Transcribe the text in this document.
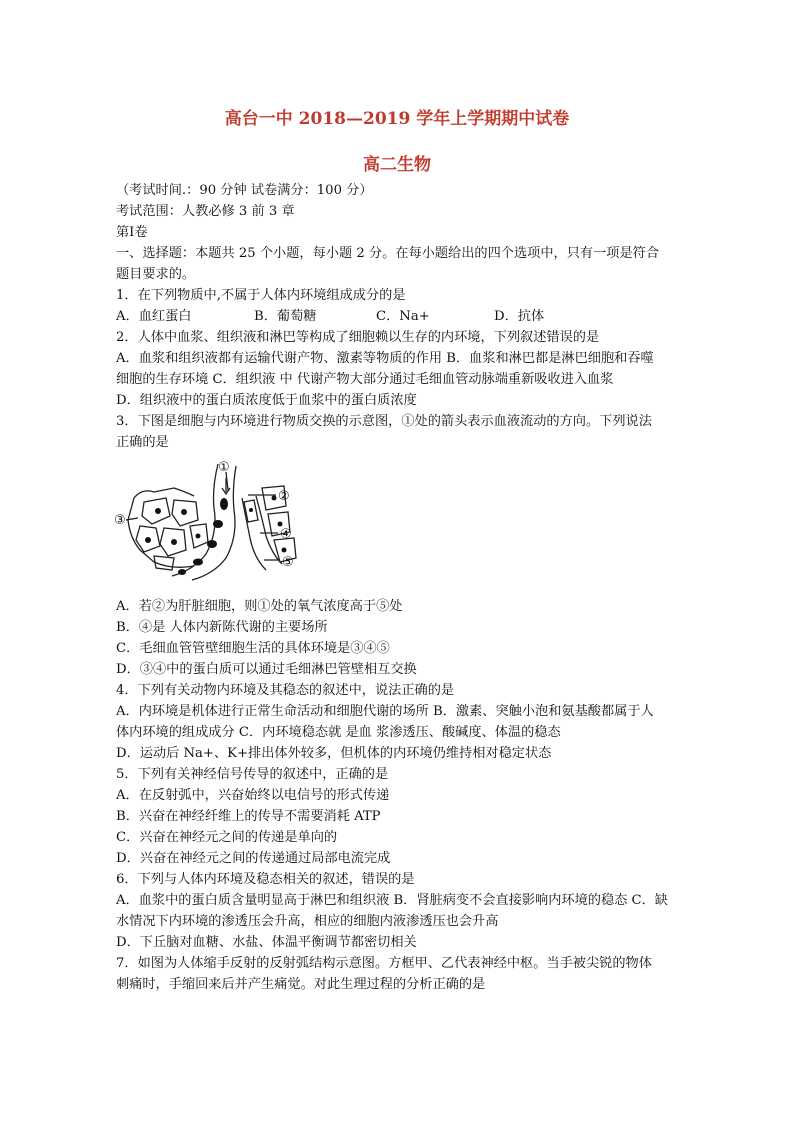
高台一中 2018—2019 学年上学期期中试卷
高二生物
（考试时间.：90 分钟 试卷满分：100 分）
考试范围：人教必修 3 前 3 章
第Ⅰ卷
一、选择题：本题共 25 个小题，每小题 2 分。在每小题给出的四个选项中，只有一项是符合
题目要求的。
1．在下列物质中,不属于人体内环境组成成分的是
A．血红蛋白	B．葡萄糖	C．Na+	D．抗体
2．人体中血浆、组织液和淋巴等构成了细胞赖以生存的内环境，下列叙述错误的是
A．血浆和组织液都有运输代谢产物、激素等物质的作用 B．血浆和淋巴都是淋巴细胞和吞噬
细胞的生存环境 C．组织液 中 代谢产物大部分通过毛细血管动脉端重新吸收进入血浆
D．组织液中的蛋白质浓度低于血浆中的蛋白质浓度
3．下图是细胞与内环境进行物质交换的示意图，①处的箭头表示血液流动的方向。下列说法
正确的是
①
②
③
④
⑤
A．若②为肝脏细胞，则①处的氧气浓度高于⑤处
B．④是 人体内新陈代谢的主要场所
C．毛细血管管壁细胞生活的具体环境是③④⑤
D．③④中的蛋白质可以通过毛细淋巴管壁相互交换
4．下列有关动物内环境及其稳态的叙述中，说法正确的是
A．内环境是机体进行正常生命活动和细胞代谢的场所 B．激素、突触小泡和氨基酸都属于人
体内环境的组成成分 C．内环境稳态就 是血 浆渗透压、酸碱度、体温的稳态
D．运动后 Na+、K+排出体外较多，但机体的内环境仍维持相对稳定状态
5．下列有关神经信号传导的叙述中，正确的是
A．在反射弧中，兴奋始终以电信号的形式传递
B．兴奋在神经纤维上的传导不需要消耗 ATP
C．兴奋在神经元之间的传递是单向的
D．兴奋在神经元之间的传递通过局部电流完成
6．下列与人体内环境及稳态相关的叙述，错误的是
A．血浆中的蛋白质含量明显高于淋巴和组织液 B．肾脏病变不会直接影响内环境的稳态 C．缺
水情况下内环境的渗透压会升高，相应的细胞内液渗透压也会升高
D．下丘脑对血糖、水盐、体温平衡调节都密切相关
7．如图为人体缩手反射的反射弧结构示意图。方框甲、乙代表神经中枢。当手被尖锐的物体
刺痛时，手缩回来后并产生痛觉。对此生理过程的分析正确的是
